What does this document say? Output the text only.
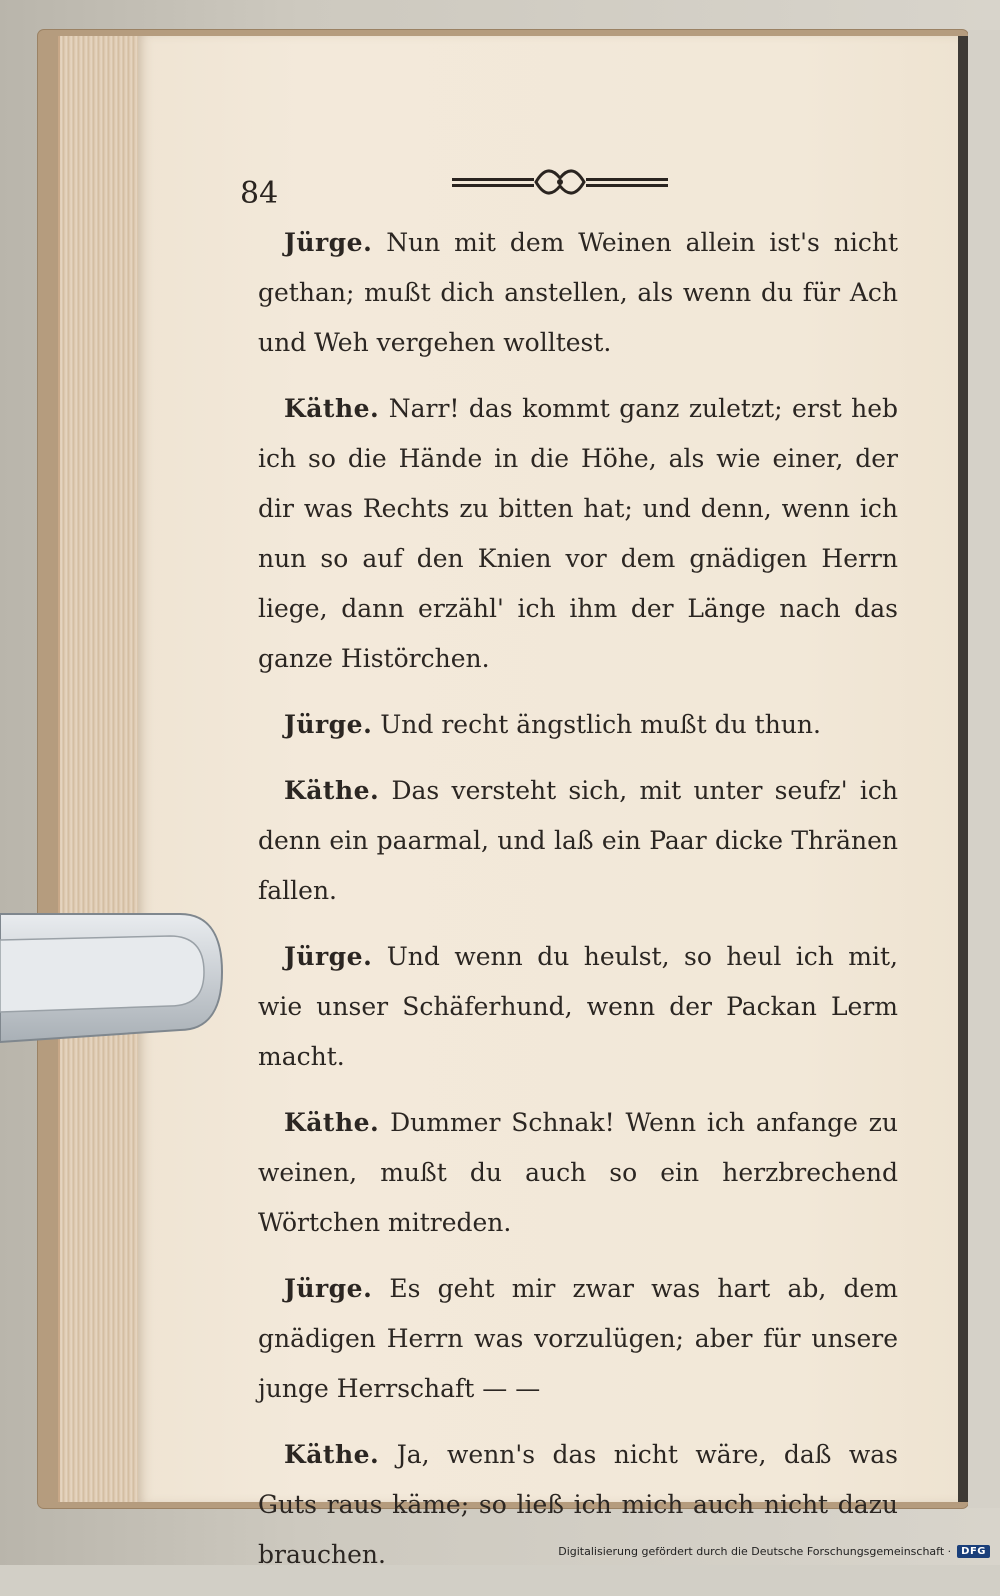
84

Jürge. Nun mit dem Weinen allein ist's nicht gethan; mußt dich anstellen, als wenn du für Ach und Weh vergehen wolltest.

Käthe. Narr! das kommt ganz zuletzt; erst heb ich so die Hände in die Höhe, als wie einer, der dir was Rechts zu bitten hat; und denn, wenn ich nun so auf den Knien vor dem gnädigen Herrn liege, dann erzähl' ich ihm der Länge nach das ganze Histörchen.

Jürge. Und recht ängstlich mußt du thun.

Käthe. Das versteht sich, mit unter seufz' ich denn ein paarmal, und laß ein Paar dicke Thränen fallen.

Jürge. Und wenn du heulst, so heul ich mit, wie unser Schäferhund, wenn der Packan Lerm macht.

Käthe. Dummer Schnak! Wenn ich anfange zu weinen, mußt du auch so ein herzbrechend Wörtchen mitreden.

Jürge. Es geht mir zwar was hart ab, dem gnädigen Herrn was vorzulügen; aber für unsere junge Herrschaft — —

Käthe. Ja, wenn's das nicht wäre, daß was Guts raus käme; so ließ ich mich auch nicht dazu brauchen.	Digitalisierung gefördert durch die Deutsche Forschungsgemeinschaft ·	DFG
